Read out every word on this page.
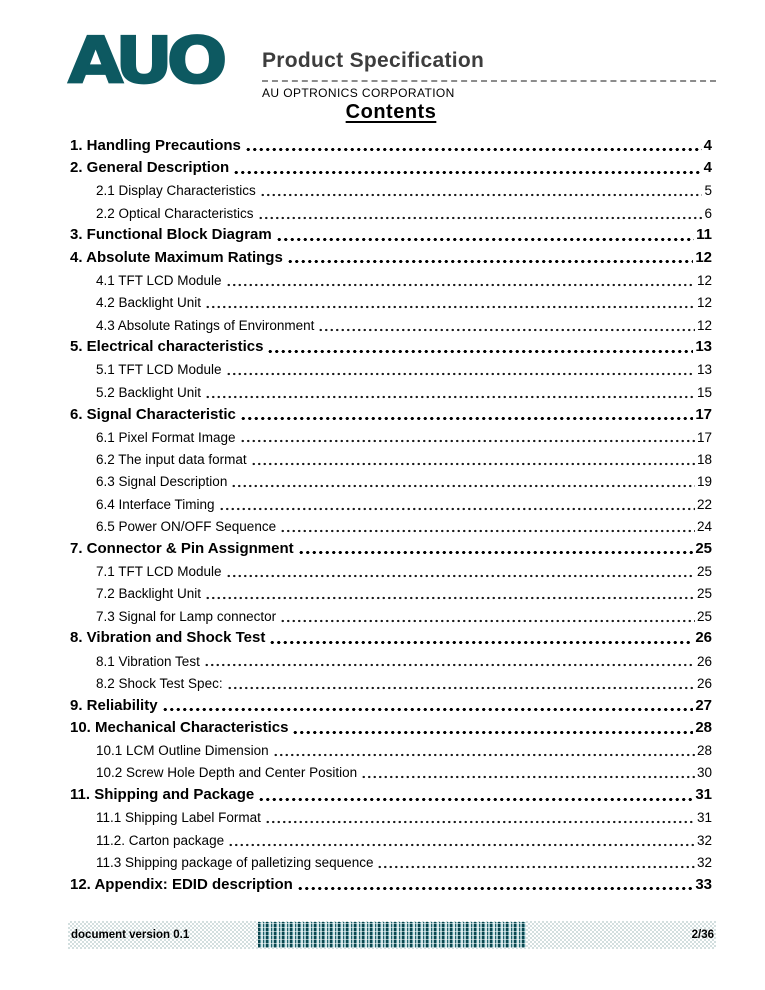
AUO Product Specification
AU OPTRONICS CORPORATION
Contents
1. Handling Precautions	4
2. General Description	4
2.1 Display Characteristics	5
2.2 Optical Characteristics	6
3. Functional Block Diagram	11
4. Absolute Maximum Ratings	12
4.1 TFT LCD Module	12
4.2 Backlight Unit	12
4.3 Absolute Ratings of Environment	12
5. Electrical characteristics	13
5.1 TFT LCD Module	13
5.2 Backlight Unit	15
6. Signal Characteristic	17
6.1 Pixel Format Image	17
6.2 The input data format	18
6.3 Signal Description	19
6.4 Interface Timing	22
6.5 Power ON/OFF Sequence	24
7. Connector & Pin Assignment	25
7.1 TFT LCD Module	25
7.2 Backlight Unit	25
7.3 Signal for Lamp connector	25
8. Vibration and Shock Test	26
8.1 Vibration Test	26
8.2 Shock Test Spec:	26
9. Reliability	27
10. Mechanical Characteristics	28
10.1 LCM Outline Dimension	28
10.2 Screw Hole Depth and Center Position	30
11. Shipping and Package	31
11.1 Shipping Label Format	31
11.2. Carton package	32
11.3 Shipping package of palletizing sequence	32
12. Appendix: EDID description	33
document version 0.1	2/36
